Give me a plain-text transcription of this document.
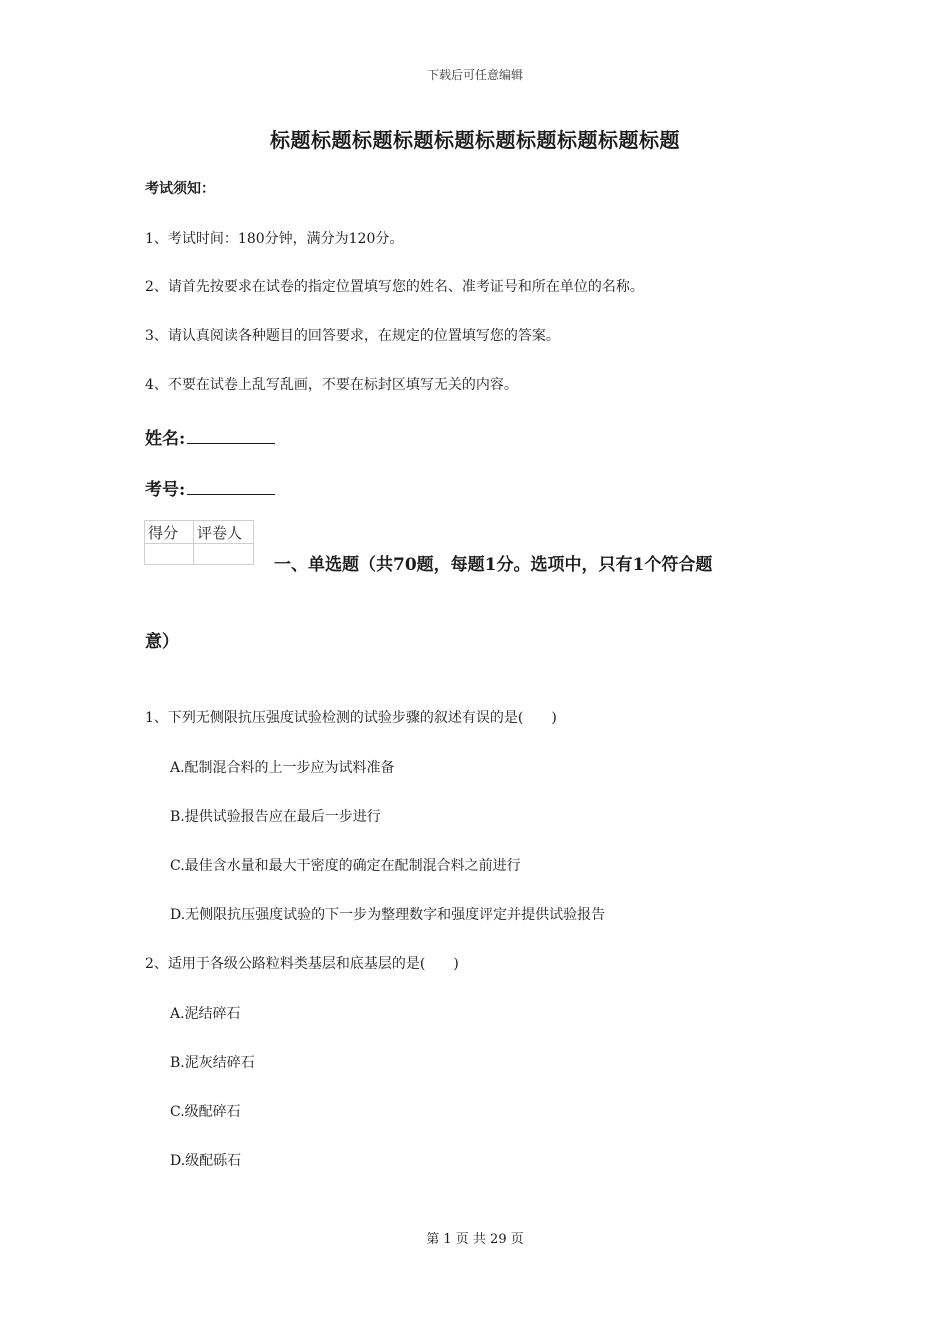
下载后可任意编辑
标题标题标题标题标题标题标题标题标题标题
考试须知：
1、考试时间：180分钟，满分为120分。
2、请首先按要求在试卷的指定位置填写您的姓名、准考证号和所在单位的名称。
3、请认真阅读各种题目的回答要求，在规定的位置填写您的答案。
4、不要在试卷上乱写乱画，不要在标封区填写无关的内容。
姓名:
考号:
得分	评卷人

一、单选题（共70题，每题1分。选项中，只有1个符合题
意）
1、下列无侧限抗压强度试验检测的试验步骤的叙述有误的是(　　)
A.配制混合料的上一步应为试料准备
B.提供试验报告应在最后一步进行
C.最佳含水量和最大干密度的确定在配制混合料之前进行
D.无侧限抗压强度试验的下一步为整理数字和强度评定并提供试验报告
2、适用于各级公路粒料类基层和底基层的是(　　)
A.泥结碎石
B.泥灰结碎石
C.级配碎石
D.级配砾石
第 1 页 共 29 页
